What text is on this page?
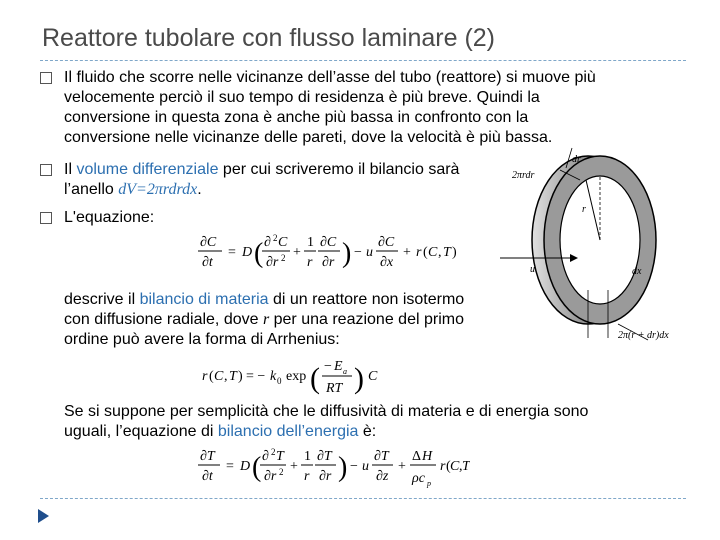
Reattore tubolare con flusso laminare (2)
2πrdr
dr
r
u	dx
2π(r + dr)dx
Il fluido che scorre nelle vicinanze dell’asse del tubo (reattore) si muove più
velocemente perciò il suo tempo di residenza è più breve. Quindi la
conversione in questa zona è anche più bassa in confronto con la
conversione nelle vicinanze delle pareti, dove la velocità è più bassa.
Il volume differenziale per cui scriveremo il bilancio sarà
l’anello dV=2πrdrdx.
L'equazione:
∂C
∂t
= D ( ∂ 2 C
∂r 2 +
1
r
∂C
∂r ) − u
∂C
∂x
+ r ( C , T )
descrive il bilancio di materia di un reattore non isotermo
con diffusione radiale, dove r per una reazione del primo
ordine può avere la forma di Arrhenius:
r ( C , T ) = − k 0 exp ( − E a
RT ) C
Se si suppone per semplicità che le diffusività di materia e di energia sono
uguali, l’equazione di bilancio dell’energia è:
∂T
∂t
= D ( ∂ 2 T
∂r 2 +
1
r
∂T
∂r ) − u
∂T
∂z
+
Δ H
ρc p
r ( C , T
